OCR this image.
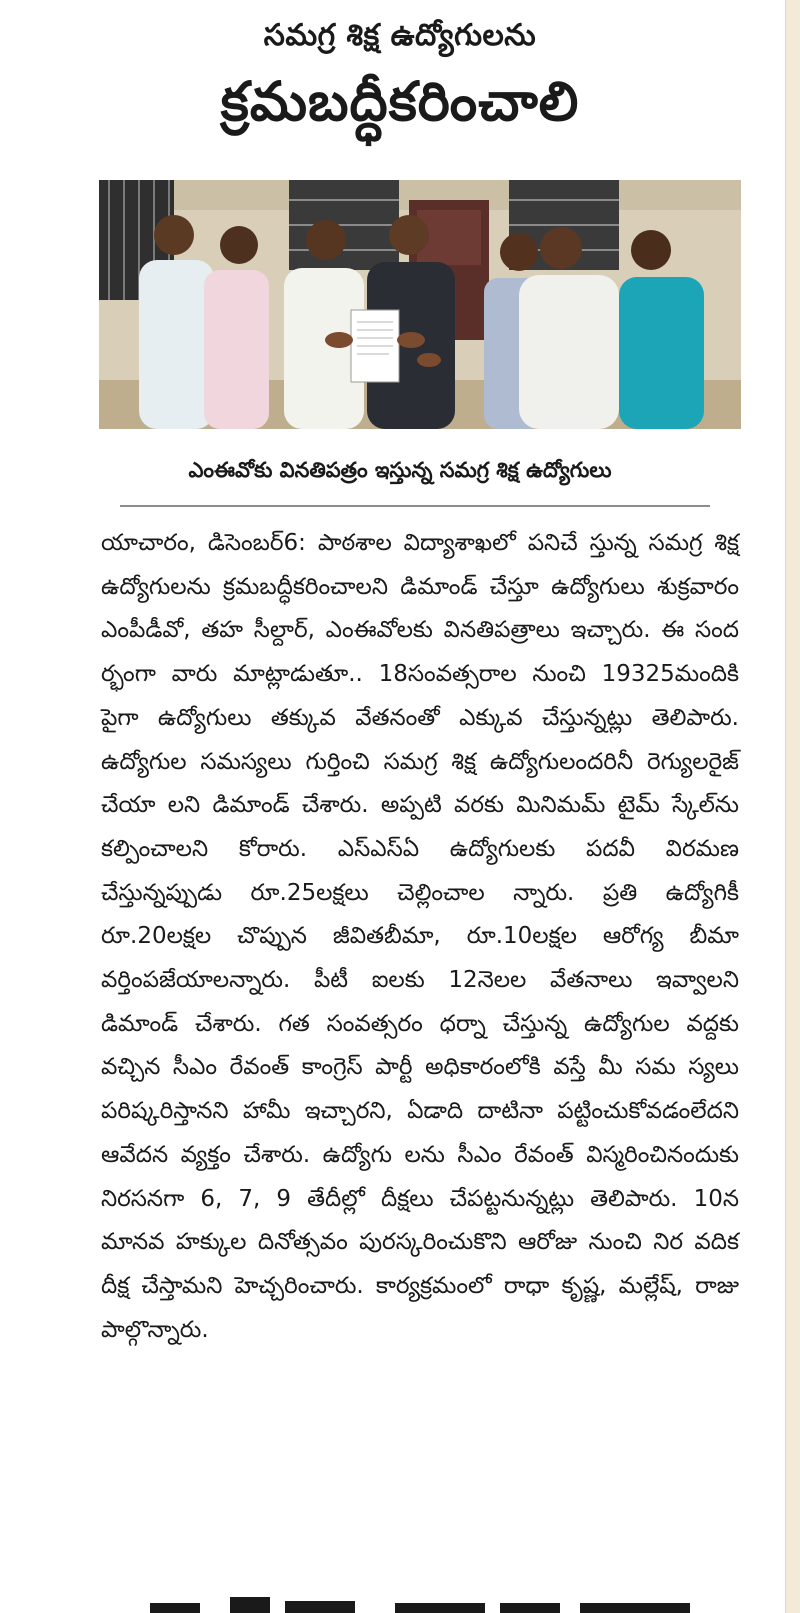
సమగ్ర శిక్ష ఉద్యోగులను
క్రమబద్ధీకరించాలి
ఎంఈవోకు వినతిపత్రం ఇస్తున్న సమగ్ర శిక్ష ఉద్యోగులు
యాచారం, డిసెంబర్6: పాఠశాల విద్యాశాఖలో పనిచే స్తున్న సమగ్ర శిక్ష ఉద్యోగులను క్రమబద్ధీకరించాలని డిమాండ్ చేస్తూ ఉద్యోగులు శుక్రవారం ఎంపీడీవో, తహ సీల్దార్, ఎంఈవోలకు వినతిపత్రాలు ఇచ్చారు. ఈ సంద ర్భంగా వారు మాట్లాడుతూ.. 18సంవత్సరాల నుంచి 19325మందికి పైగా ఉద్యోగులు తక్కువ వేతనంతో ఎక్కువ చేస్తున్నట్లు తెలిపారు. ఉద్యోగుల సమస్యలు గుర్తించి సమగ్ర శిక్ష ఉద్యోగులందరినీ రెగ్యులరైజ్ చేయా లని డిమాండ్ చేశారు. అప్పటి వరకు మినిమమ్ టైమ్ స్కేల్‌ను కల్పించాలని కోరారు. ఎస్ఎస్ఏ ఉద్యోగులకు పదవీ విరమణ చేస్తున్నప్పుడు రూ.25లక్షలు చెల్లించాల న్నారు. ప్రతి ఉద్యోగికీ రూ.20లక్షల చొప్పున జీవితబీమా, రూ.10లక్షల ఆరోగ్య బీమా వర్తింపజేయాలన్నారు. పీటీ ఐలకు 12నెలల వేతనాలు ఇవ్వాలని డిమాండ్ చేశారు. గత సంవత్సరం ధర్నా చేస్తున్న ఉద్యోగుల వద్దకు వచ్చిన సీఎం రేవంత్ కాంగ్రెస్ పార్టీ అధికారంలోకి వస్తే మీ సమ స్యలు పరిష్కరిస్తానని హామీ ఇచ్చారని, ఏడాది దాటినా పట్టించుకోవడంలేదని ఆవేదన వ్యక్తం చేశారు. ఉద్యోగు లను సీఎం రేవంత్ విస్మరించినందుకు నిరసనగా 6, 7, 9 తేదీల్లో దీక్షలు చేపట్టనున్నట్లు తెలిపారు. 10న మానవ హక్కుల దినోత్సవం పురస్కరించుకొని ఆరోజు నుంచి నిర వదిక దీక్ష చేస్తామని హెచ్చరించారు. కార్యక్రమంలో రాధా కృష్ణ, మల్లేష్, రాజు పాల్గొన్నారు.
